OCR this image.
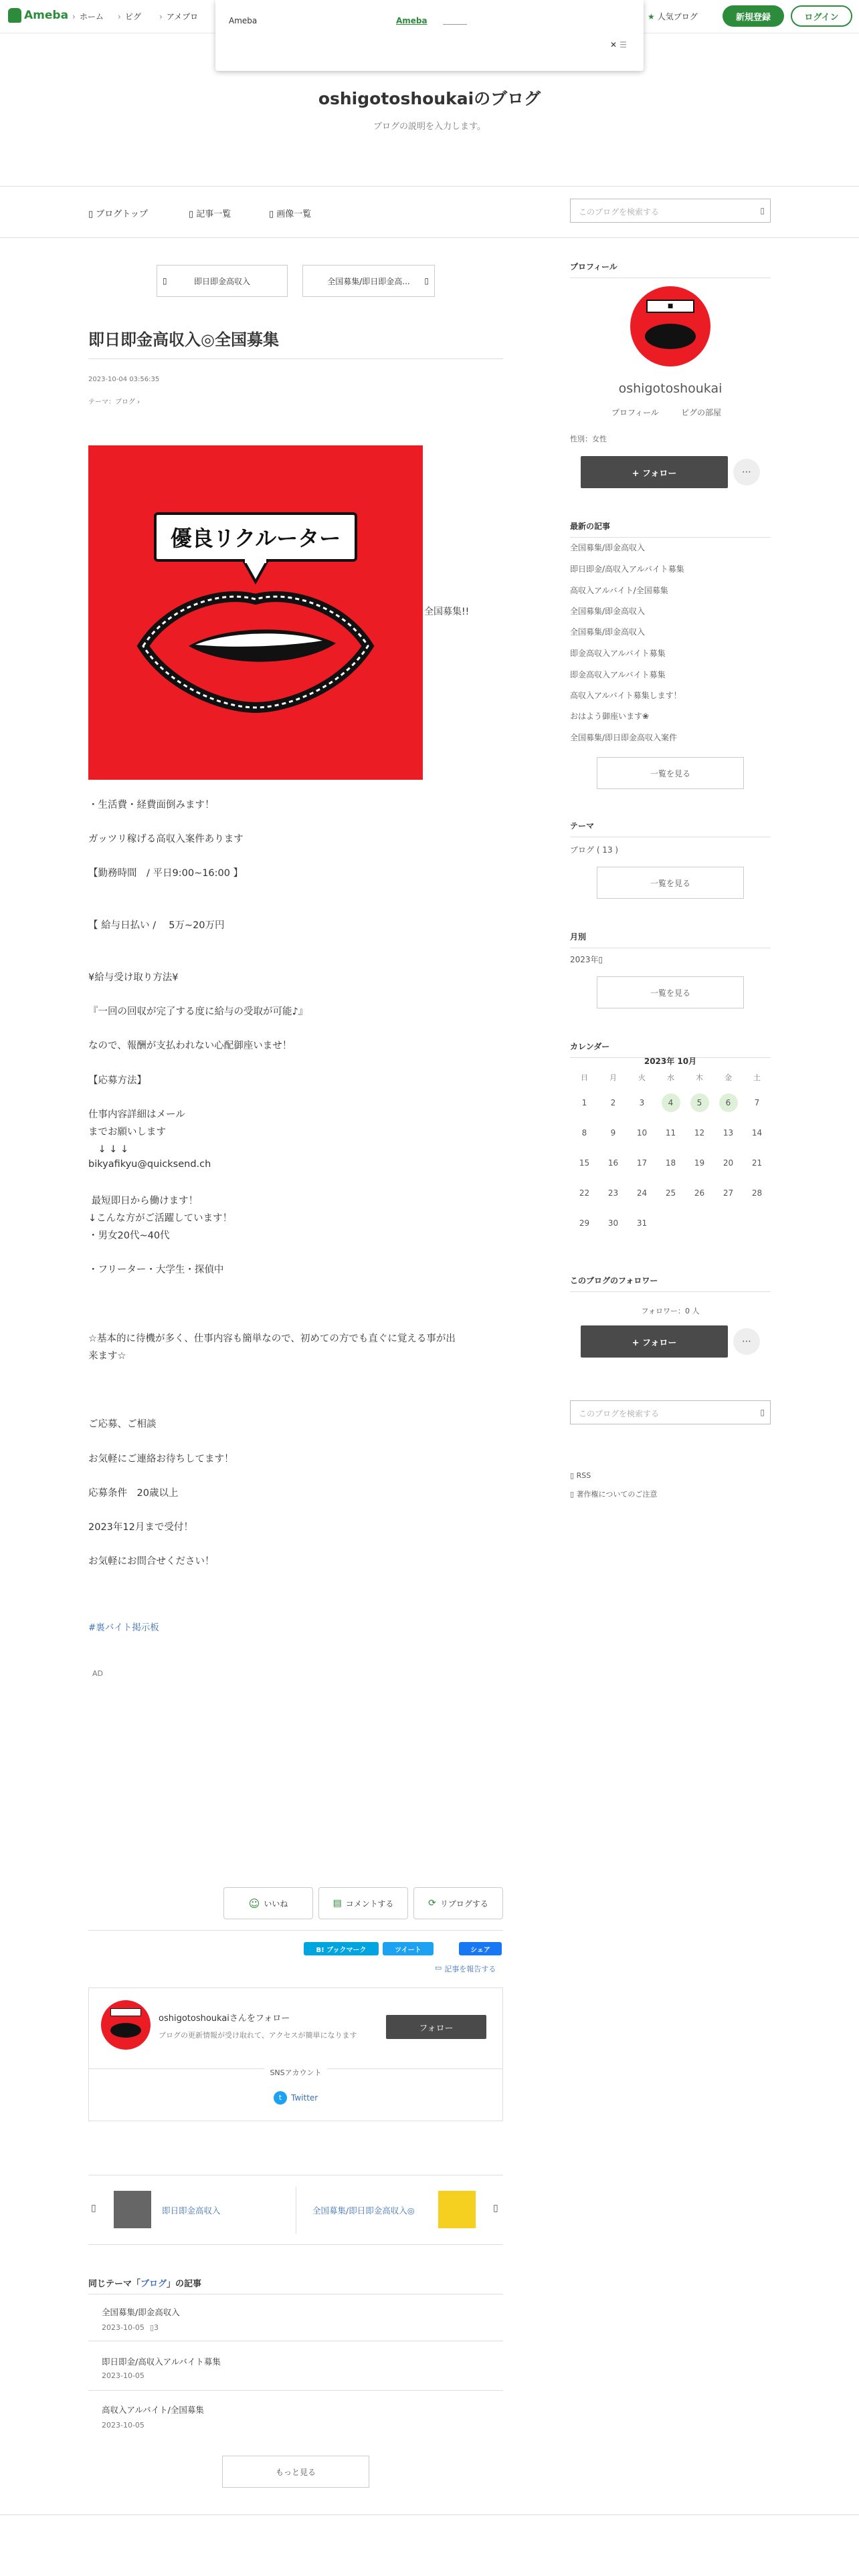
Ameba	› ホーム	› ピグ	› アメブロ	★ 人気ブログ	新規登録	ログイン
Ameba	Ameba
✕ ☰
oshigotoshoukaiのブログ
ブログの説明を入力します。
▯ ブログトップ	▯ 記事一覧	▯ 画像一覧	このブログを検索する	▯
▯	即日即金高収入	全国募集/即日即金高... ▯
即日即金高収入◎全国募集
2023-10-04 03:56:35
テーマ：ブログ ›
優良リクルーター
全国募集!!
・生活費・経費面倒みます！
ガッツリ稼げる高収入案件あります
【勤務時間　/ 平日9:00~16:00 】
【 給与日払い /　 5万~20万円
¥給与受け取り方法¥
『一回の回収が完了する度に給与の受取が可能♪』
なので、報酬が支払われない心配御座いませ！
【応募方法】
仕事内容詳細はメール
までお願いします
　↓ ↓ ↓
bikyafikyu@quicksend.ch
最短即日から働けます！
↓こんな方がご活躍しています！
・男女20代~40代
・フリーター・大学生・探偵中
☆基本的に待機が多く、仕事内容も簡単なので、初めての方でも直ぐに覚える事が出
来ます☆
ご応募、ご相談
お気軽にご連絡お待ちしてます！
応募条件　20歳以上
2023年12月まで受付！
お気軽にお問合せください！
#裏バイト掲示板
AD
☺ いいね	▤ コメントする	⟳ リブログする
B! ブックマーク	ツイート	シェア
▭ 記事を報告する
oshigotoshoukaiさんをフォロー
ブログの更新情報が受け取れて、アクセスが簡単になります
フォロー
SNSアカウント
t	Twitter
▯	即日即金高収入	全国募集/即日即金高収入◎	▯
同じテーマ「ブログ」の記事
全国募集/即金高収入
2023-10-05 ▯3
即日即金/高収入アルバイト募集
2023-10-05
高収入アルバイト/全国募集
2023-10-05
もっと見る
プロフィール
■
oshigotoshoukai
プロフィール	ピグの部屋
性別：女性
+ フォロー	⋯
最新の記事
全国募集/即金高収入
即日即金/高収入アルバイト募集
高収入アルバイト/全国募集
全国募集/即金高収入
全国募集/即金高収入
即金高収入アルバイト募集
即金高収入アルバイト募集
高収入アルバイト募集します！
おはよう御座います❀
全国募集/即日即金高収入案件
一覧を見る
テーマ
ブログ ( 13 )
一覧を見る
月別
2023年▯
一覧を見る
カレンダー
2023年 10月
日	月	火	水	木	金	土
1	2	3	4	5	6	7
8	9	10	11	12	13	14
15	16	17	18	19	20	21
22	23	24	25	26	27	28
29	30	31				
このブログのフォロワー
フォロワー：0 人
+ フォロー	⋯
このブログを検索する	▯
▯ RSS
▯ 著作権についてのご注意
